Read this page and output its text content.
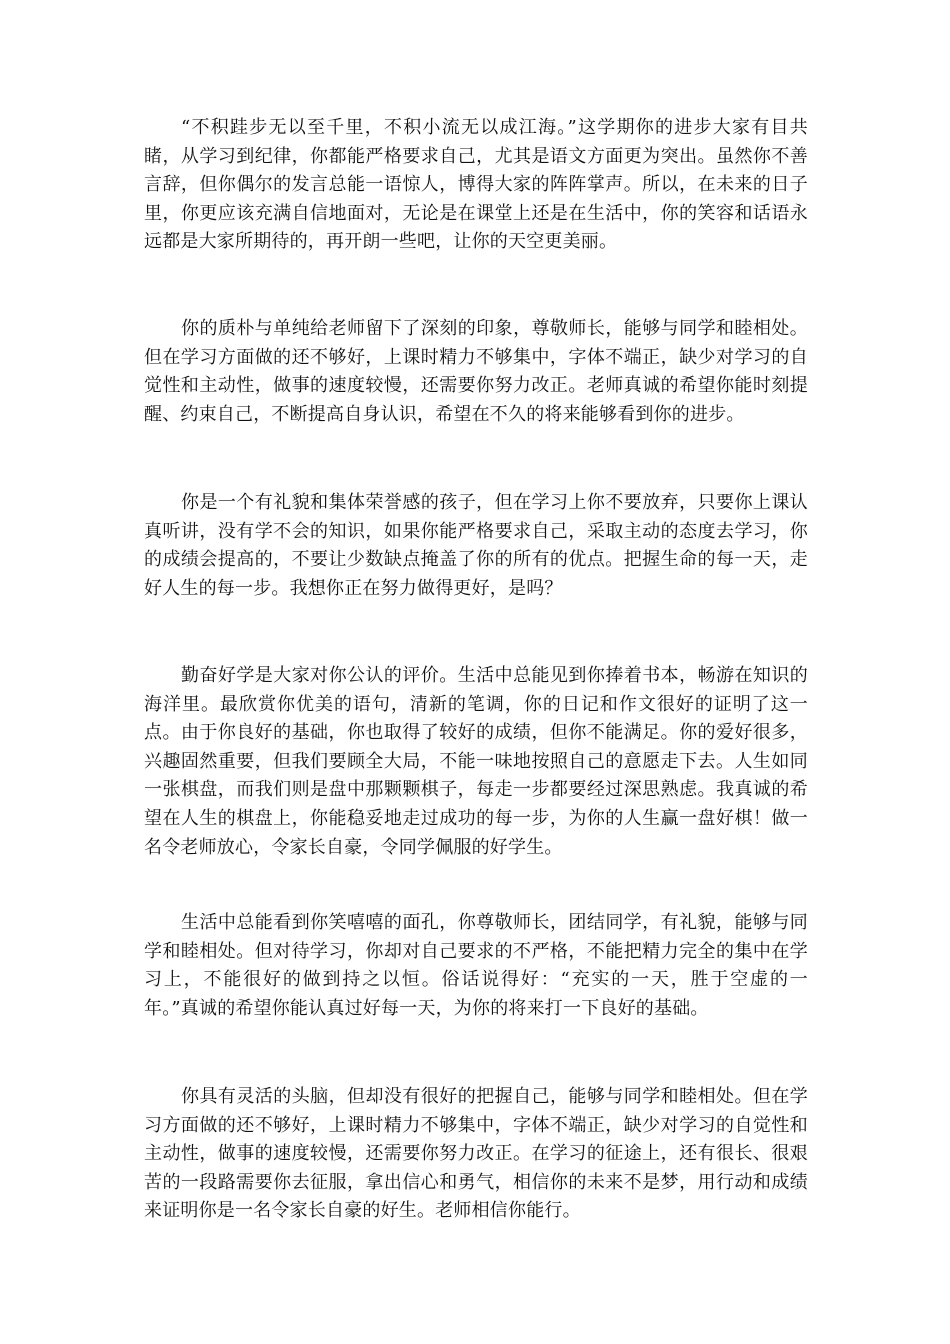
“不积跬步无以至千里，不积小流无以成江海。”这学期你的进步大家有目共睹，从学习到纪律，你都能严格要求自己，尤其是语文方面更为突出。虽然你不善言辞，但你偶尔的发言总能一语惊人，博得大家的阵阵掌声。所以，在未来的日子里，你更应该充满自信地面对，无论是在课堂上还是在生活中，你的笑容和话语永远都是大家所期待的，再开朗一些吧，让你的天空更美丽。

你的质朴与单纯给老师留下了深刻的印象，尊敬师长，能够与同学和睦相处。但在学习方面做的还不够好，上课时精力不够集中，字体不端正，缺少对学习的自觉性和主动性，做事的速度较慢，还需要你努力改正。老师真诚的希望你能时刻提醒、约束自己，不断提高自身认识，希望在不久的将来能够看到你的进步。

你是一个有礼貌和集体荣誉感的孩子，但在学习上你不要放弃，只要你上课认真听讲，没有学不会的知识，如果你能严格要求自己，采取主动的态度去学习，你的成绩会提高的，不要让少数缺点掩盖了你的所有的优点。把握生命的每一天，走好人生的每一步。我想你正在努力做得更好，是吗？

勤奋好学是大家对你公认的评价。生活中总能见到你捧着书本，畅游在知识的海洋里。最欣赏你优美的语句，清新的笔调，你的日记和作文很好的证明了这一点。由于你良好的基础，你也取得了较好的成绩，但你不能满足。你的爱好很多，兴趣固然重要，但我们要顾全大局，不能一味地按照自己的意愿走下去。人生如同一张棋盘，而我们则是盘中那颗颗棋子，每走一步都要经过深思熟虑。我真诚的希望在人生的棋盘上，你能稳妥地走过成功的每一步，为你的人生赢一盘好棋！做一名令老师放心，令家长自豪，令同学佩服的好学生。

生活中总能看到你笑嘻嘻的面孔，你尊敬师长，团结同学，有礼貌，能够与同学和睦相处。但对待学习，你却对自己要求的不严格，不能把精力完全的集中在学习上，不能很好的做到持之以恒。俗话说得好：“充实的一天，胜于空虚的一年。”真诚的希望你能认真过好每一天，为你的将来打一下良好的基础。

你具有灵活的头脑，但却没有很好的把握自己，能够与同学和睦相处。但在学习方面做的还不够好，上课时精力不够集中，字体不端正，缺少对学习的自觉性和主动性，做事的速度较慢，还需要你努力改正。在学习的征途上，还有很长、很艰苦的一段路需要你去征服，拿出信心和勇气，相信你的未来不是梦，用行动和成绩来证明你是一名令家长自豪的好生。老师相信你能行。
